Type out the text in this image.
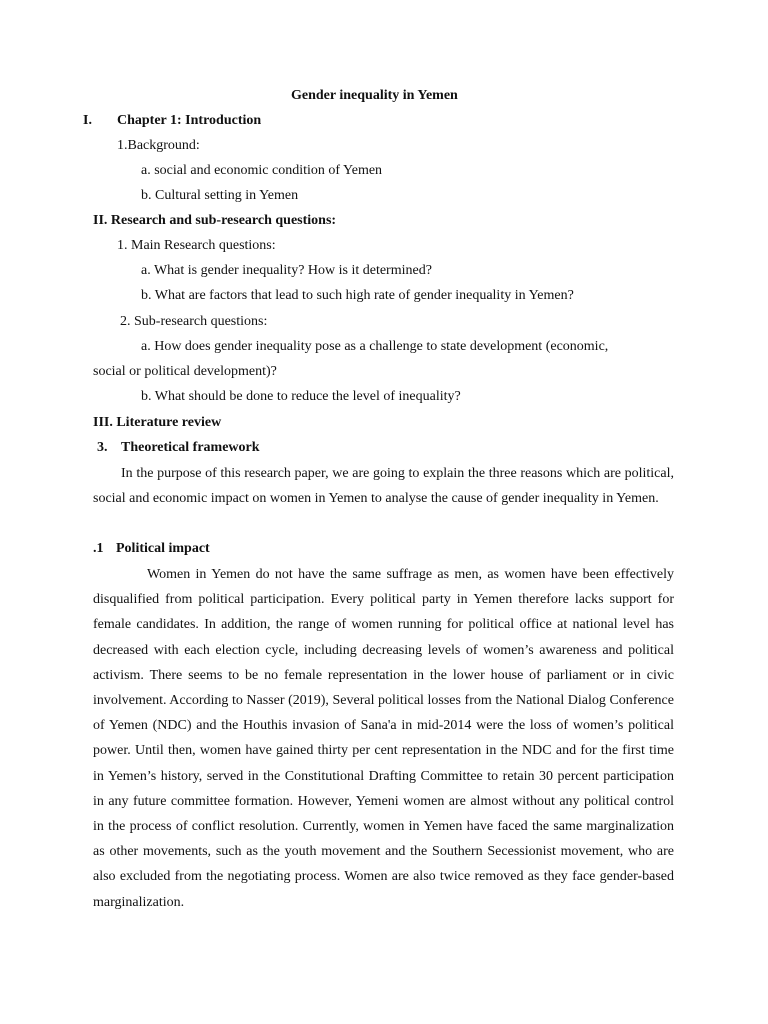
Gender inequality in Yemen
I. Chapter 1: Introduction
1.Background:
a. social and economic condition of Yemen
b. Cultural setting in Yemen
II. Research and sub-research questions:
1. Main Research questions:
a. What is gender inequality? How is it determined?
b. What are factors that lead to such high rate of gender inequality in Yemen?
2. Sub-research questions:
a. How does gender inequality pose as a challenge to state development (economic,
social or political development)?
b. What should be done to reduce the level of inequality?
III. Literature review
3. Theoretical framework
In the purpose of this research paper, we are going to explain the three reasons which are political, social and economic impact on women in Yemen to analyse the cause of gender inequality in Yemen.
.1 Political impact
Women in Yemen do not have the same suffrage as men, as women have been effectively disqualified from political participation. Every political party in Yemen therefore lacks support for female candidates. In addition, the range of women running for political office at national level has decreased with each election cycle, including decreasing levels of women’s awareness and political activism. There seems to be no female representation in the lower house of parliament or in civic involvement. According to Nasser (2019), Several political losses from the National Dialog Conference of Yemen (NDC) and the Houthis invasion of Sana'a in mid-2014 were the loss of women’s political power. Until then, women have gained thirty per cent representation in the NDC and for the first time in Yemen’s history, served in the Constitutional Drafting Committee to retain 30 percent participation in any future committee formation. However, Yemeni women are almost without any political control in the process of conflict resolution. Currently, women in Yemen have faced the same marginalization as other movements, such as the youth movement and the Southern Secessionist movement, who are also excluded from the negotiating process. Women are also twice removed as they face gender-based marginalization.
